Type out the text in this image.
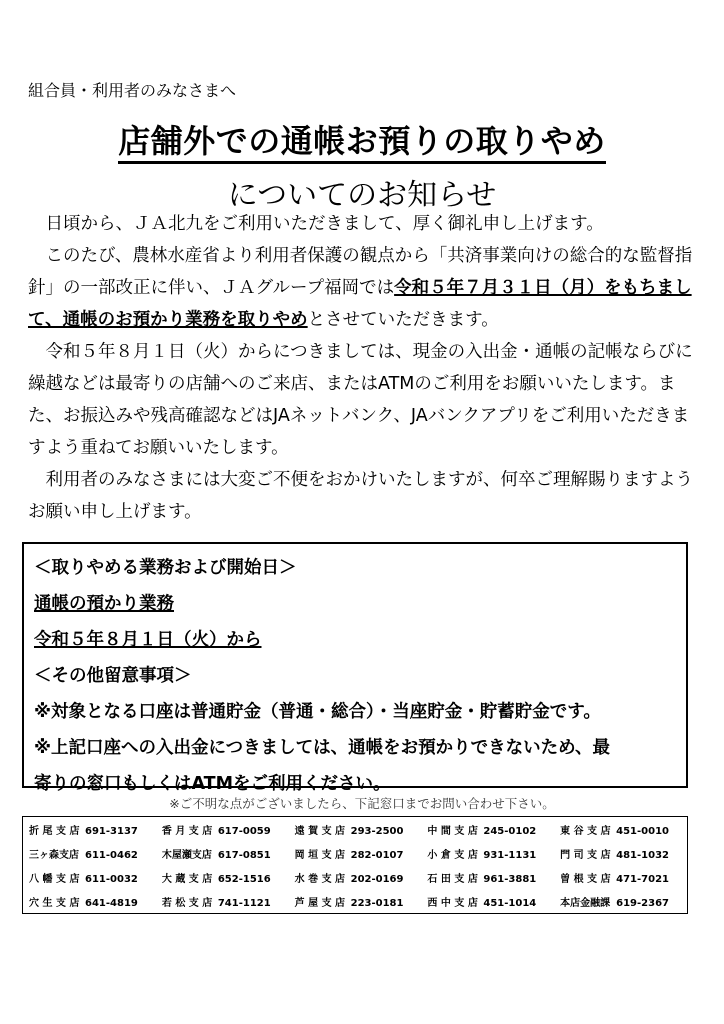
組合員・利用者のみなさまへ
店舗外での通帳お預りの取りやめ
についてのお知らせ

　日頃から、ＪＡ北九をご利用いただきまして、厚く御礼申し上げます。

　このたび、農林水産省より利用者保護の観点から「共済事業向けの総合的な監督指針」の一部改正に伴い、ＪＡグループ福岡では令和５年７月３１日（月）をもちまして、通帳のお預かり業務を取りやめとさせていただきます。

　令和５年８月１日（火）からにつきましては、現金の入出金・通帳の記帳ならびに繰越などは最寄りの店舗へのご来店、またはATMのご利用をお願いいたします。また、お振込みや残高確認などはJAネットバンク、JAバンクアプリをご利用いただきますよう重ねてお願いいたします。

　利用者のみなさまには大変ご不便をおかけいたしますが、何卒ご理解賜りますようお願い申し上げます。

＜取りやめる業務および開始日＞
通帳の預かり業務
令和５年８月１日（火）から
＜その他留意事項＞
※対象となる口座は普通貯金（普通・総合）・当座貯金・貯蓄貯金です。
※上記口座への入出金につきましては、通帳をお預かりできないため、最
寄りの窓口もしくはATMをご利用ください。
※ご不明な点がございましたら、下記窓口までお問い合わせ下さい。
折 尾 支 店 691-3137	香 月 支 店 617-0059	遠 賀 支 店 293-2500	中 間 支 店 245-0102	東 谷 支 店 451-0010
三ヶ森支店 611-0462	木屋瀬支店 617-0851	岡 垣 支 店 282-0107	小 倉 支 店 931-1131	門 司 支 店 481-1032
八 幡 支 店 611-0032	大 蔵 支 店 652-1516	水 巻 支 店 202-0169	石 田 支 店 961-3881	曽 根 支 店 471-7021
穴 生 支 店 641-4819	若 松 支 店 741-1121	芦 屋 支 店 223-0181	西 中 支 店 451-1014	本店金融課 619-2367
